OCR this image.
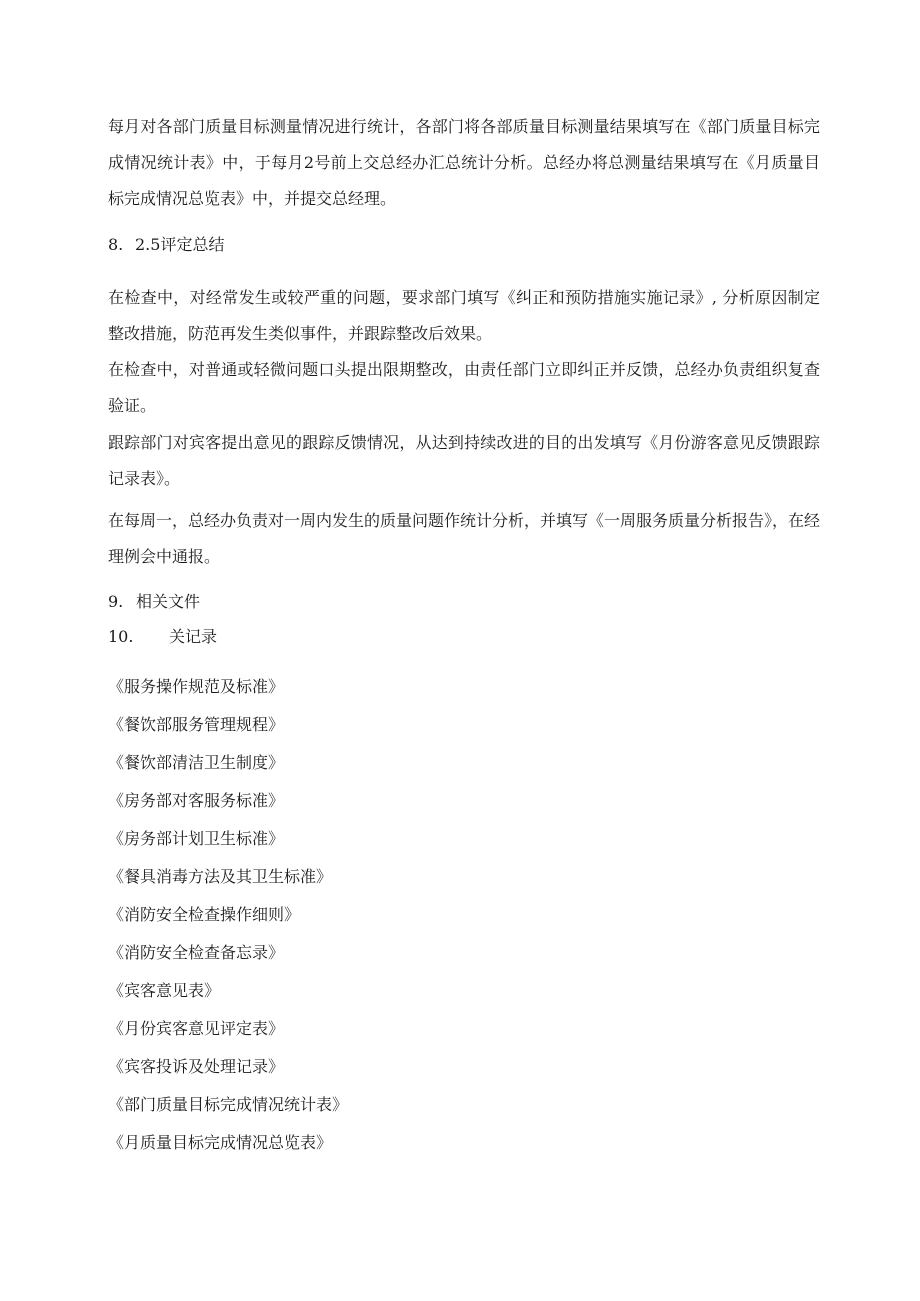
每月对各部门质量目标测量情况进行统计，各部门将各部质量目标测量结果填写在《部门质量目标完成情况统计表》中，于每月2号前上交总经办汇总统计分析。总经办将总测量结果填写在《月质量目标完成情况总览表》中，并提交总经理。

8. 2.5评定总结

在检查中，对经常发生或较严重的问题，要求部门填写《纠正和预防措施实施记录》, 分析原因制定整改措施，防范再发生类似事件，并跟踪整改后效果。

在检查中，对普通或轻微问题口头提出限期整改，由责任部门立即纠正并反馈，总经办负责组织复查验证。

跟踪部门对宾客提出意见的跟踪反馈情况，从达到持续改进的目的出发填写《月份游客意见反馈跟踪记录表》。

在每周一，总经办负责对一周内发生的质量问题作统计分析，并填写《一周服务质量分析报告》，在经理例会中通报。

9. 相关文件
10. 关记录
《服务操作规范及标准》
《餐饮部服务管理规程》
《餐饮部清洁卫生制度》
《房务部对客服务标准》
《房务部计划卫生标准》
《餐具消毒方法及其卫生标准》
《消防安全检查操作细则》
《消防安全检查备忘录》
《宾客意见表》
《月份宾客意见评定表》
《宾客投诉及处理记录》
《部门质量目标完成情况统计表》
《月质量目标完成情况总览表》
